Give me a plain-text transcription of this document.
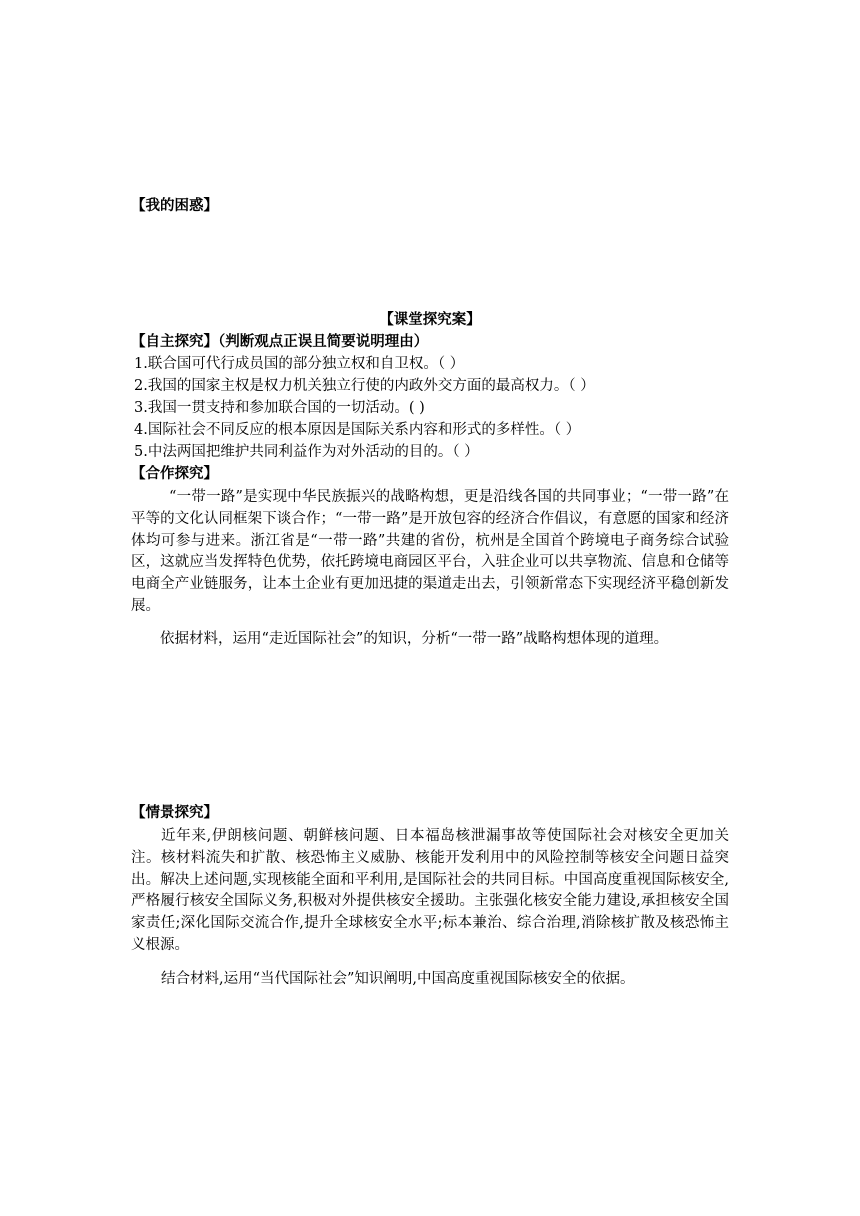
【我的困惑】
【课堂探究案】
【自主探究】（判断观点正误且简要说明理由）
1.联合国可代行成员国的部分独立权和自卫权。（ ）
2.我国的国家主权是权力机关独立行使的内政外交方面的最高权力。（ ）
3.我国一贯支持和参加联合国的一切活动。( )
4.国际社会不同反应的根本原因是国际关系内容和形式的多样性。（ ）
5.中法两国把维护共同利益作为对外活动的目的。（ ）
【合作探究】
“一带一路”是实现中华民族振兴的战略构想，更是沿线各国的共同事业；“一带一路”在平等的文化认同框架下谈合作；“一带一路”是开放包容的经济合作倡议，有意愿的国家和经济体均可参与进来。浙江省是“一带一路”共建的省份，杭州是全国首个跨境电子商务综合试验区，这就应当发挥特色优势，依托跨境电商园区平台，入驻企业可以共享物流、信息和仓储等电商全产业链服务，让本土企业有更加迅捷的渠道走出去，引领新常态下实现经济平稳创新发展。
依据材料，运用“走近国际社会”的知识，分析“一带一路”战略构想体现的道理。
【情景探究】
近年来,伊朗核问题、朝鲜核问题、日本福岛核泄漏事故等使国际社会对核安全更加关注。核材料流失和扩散、核恐怖主义威胁、核能开发利用中的风险控制等核安全问题日益突出。解决上述问题,实现核能全面和平利用,是国际社会的共同目标。中国高度重视国际核安全,严格履行核安全国际义务,积极对外提供核安全援助。主张强化核安全能力建设,承担核安全国家责任;深化国际交流合作,提升全球核安全水平;标本兼治、综合治理,消除核扩散及核恐怖主义根源。
结合材料,运用“当代国际社会”知识阐明,中国高度重视国际核安全的依据。
